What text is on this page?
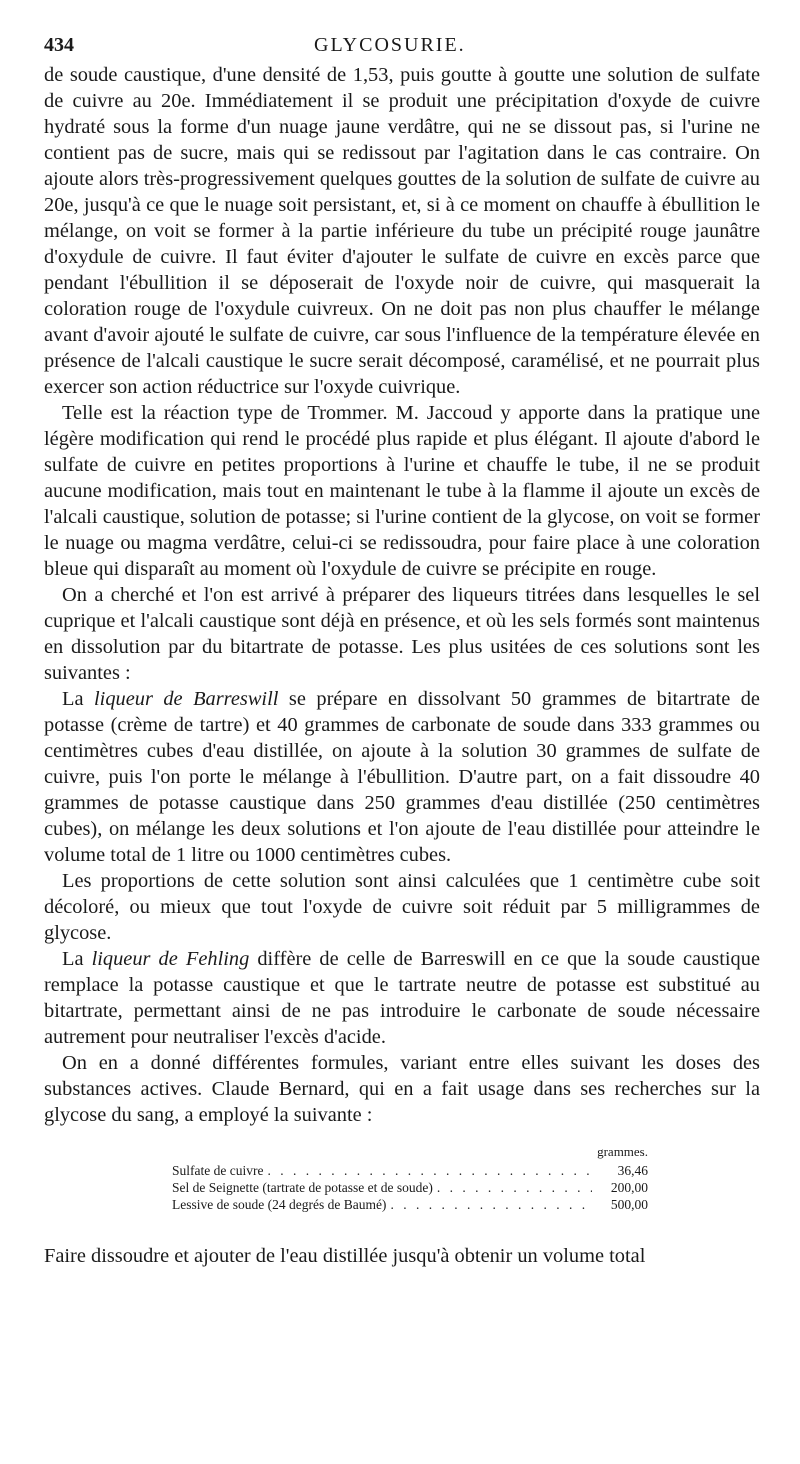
434	GLYCOSURIE.

de soude caustique, d'une densité de 1,53, puis goutte à goutte une solution de sulfate de cuivre au 20e. Immédiatement il se produit une précipitation d'oxyde de cuivre hydraté sous la forme d'un nuage jaune verdâtre, qui ne se dissout pas, si l'urine ne contient pas de sucre, mais qui se redissout par l'agitation dans le cas contraire. On ajoute alors très-progressivement quelques gouttes de la solution de sulfate de cuivre au 20e, jusqu'à ce que le nuage soit persistant, et, si à ce moment on chauffe à ébullition le mélange, on voit se former à la partie inférieure du tube un précipité rouge jaunâtre d'oxydule de cuivre. Il faut éviter d'ajouter le sulfate de cuivre en excès parce que pendant l'ébullition il se déposerait de l'oxyde noir de cuivre, qui masquerait la coloration rouge de l'oxydule cuivreux. On ne doit pas non plus chauffer le mélange avant d'avoir ajouté le sulfate de cuivre, car sous l'influence de la température élevée en présence de l'alcali caustique le sucre serait décomposé, caramélisé, et ne pourrait plus exercer son action réductrice sur l'oxyde cuivrique.

Telle est la réaction type de Trommer. M. Jaccoud y apporte dans la pratique une légère modification qui rend le procédé plus rapide et plus élégant. Il ajoute d'abord le sulfate de cuivre en petites proportions à l'urine et chauffe le tube, il ne se produit aucune modification, mais tout en maintenant le tube à la flamme il ajoute un excès de l'alcali caustique, solution de potasse; si l'urine contient de la glycose, on voit se former le nuage ou magma verdâtre, celui-ci se redissoudra, pour faire place à une coloration bleue qui disparaît au moment où l'oxydule de cuivre se précipite en rouge.

On a cherché et l'on est arrivé à préparer des liqueurs titrées dans lesquelles le sel cuprique et l'alcali caustique sont déjà en présence, et où les sels formés sont maintenus en dissolution par du bitartrate de potasse. Les plus usitées de ces solutions sont les suivantes :

La liqueur de Barreswill se prépare en dissolvant 50 grammes de bitartrate de potasse (crème de tartre) et 40 grammes de carbonate de soude dans 333 grammes ou centimètres cubes d'eau distillée, on ajoute à la solution 30 grammes de sulfate de cuivre, puis l'on porte le mélange à l'ébullition. D'autre part, on a fait dissoudre 40 grammes de potasse caustique dans 250 grammes d'eau distillée (250 centimètres cubes), on mélange les deux solutions et l'on ajoute de l'eau distillée pour atteindre le volume total de 1 litre ou 1000 centimètres cubes.

Les proportions de cette solution sont ainsi calculées que 1 centimètre cube soit décoloré, ou mieux que tout l'oxyde de cuivre soit réduit par 5 milligrammes de glycose.

La liqueur de Fehling diffère de celle de Barreswill en ce que la soude caustique remplace la potasse caustique et que le tartrate neutre de potasse est substitué au bitartrate, permettant ainsi de ne pas introduire le carbonate de soude nécessaire autrement pour neutraliser l'excès d'acide.

On en a donné différentes formules, variant entre elles suivant les doses des substances actives. Claude Bernard, qui en a fait usage dans ses recherches sur la glycose du sang, a employé la suivante :

grammes.
Sulfate de cuivre . . .	36,46
Sel de Seignette (tartrate de potasse et de soude) . . .	200,00
Lessive de soude (24 degrés de Baumé) . . .	500,00

Faire dissoudre et ajouter de l'eau distillée jusqu'à obtenir un volume total
